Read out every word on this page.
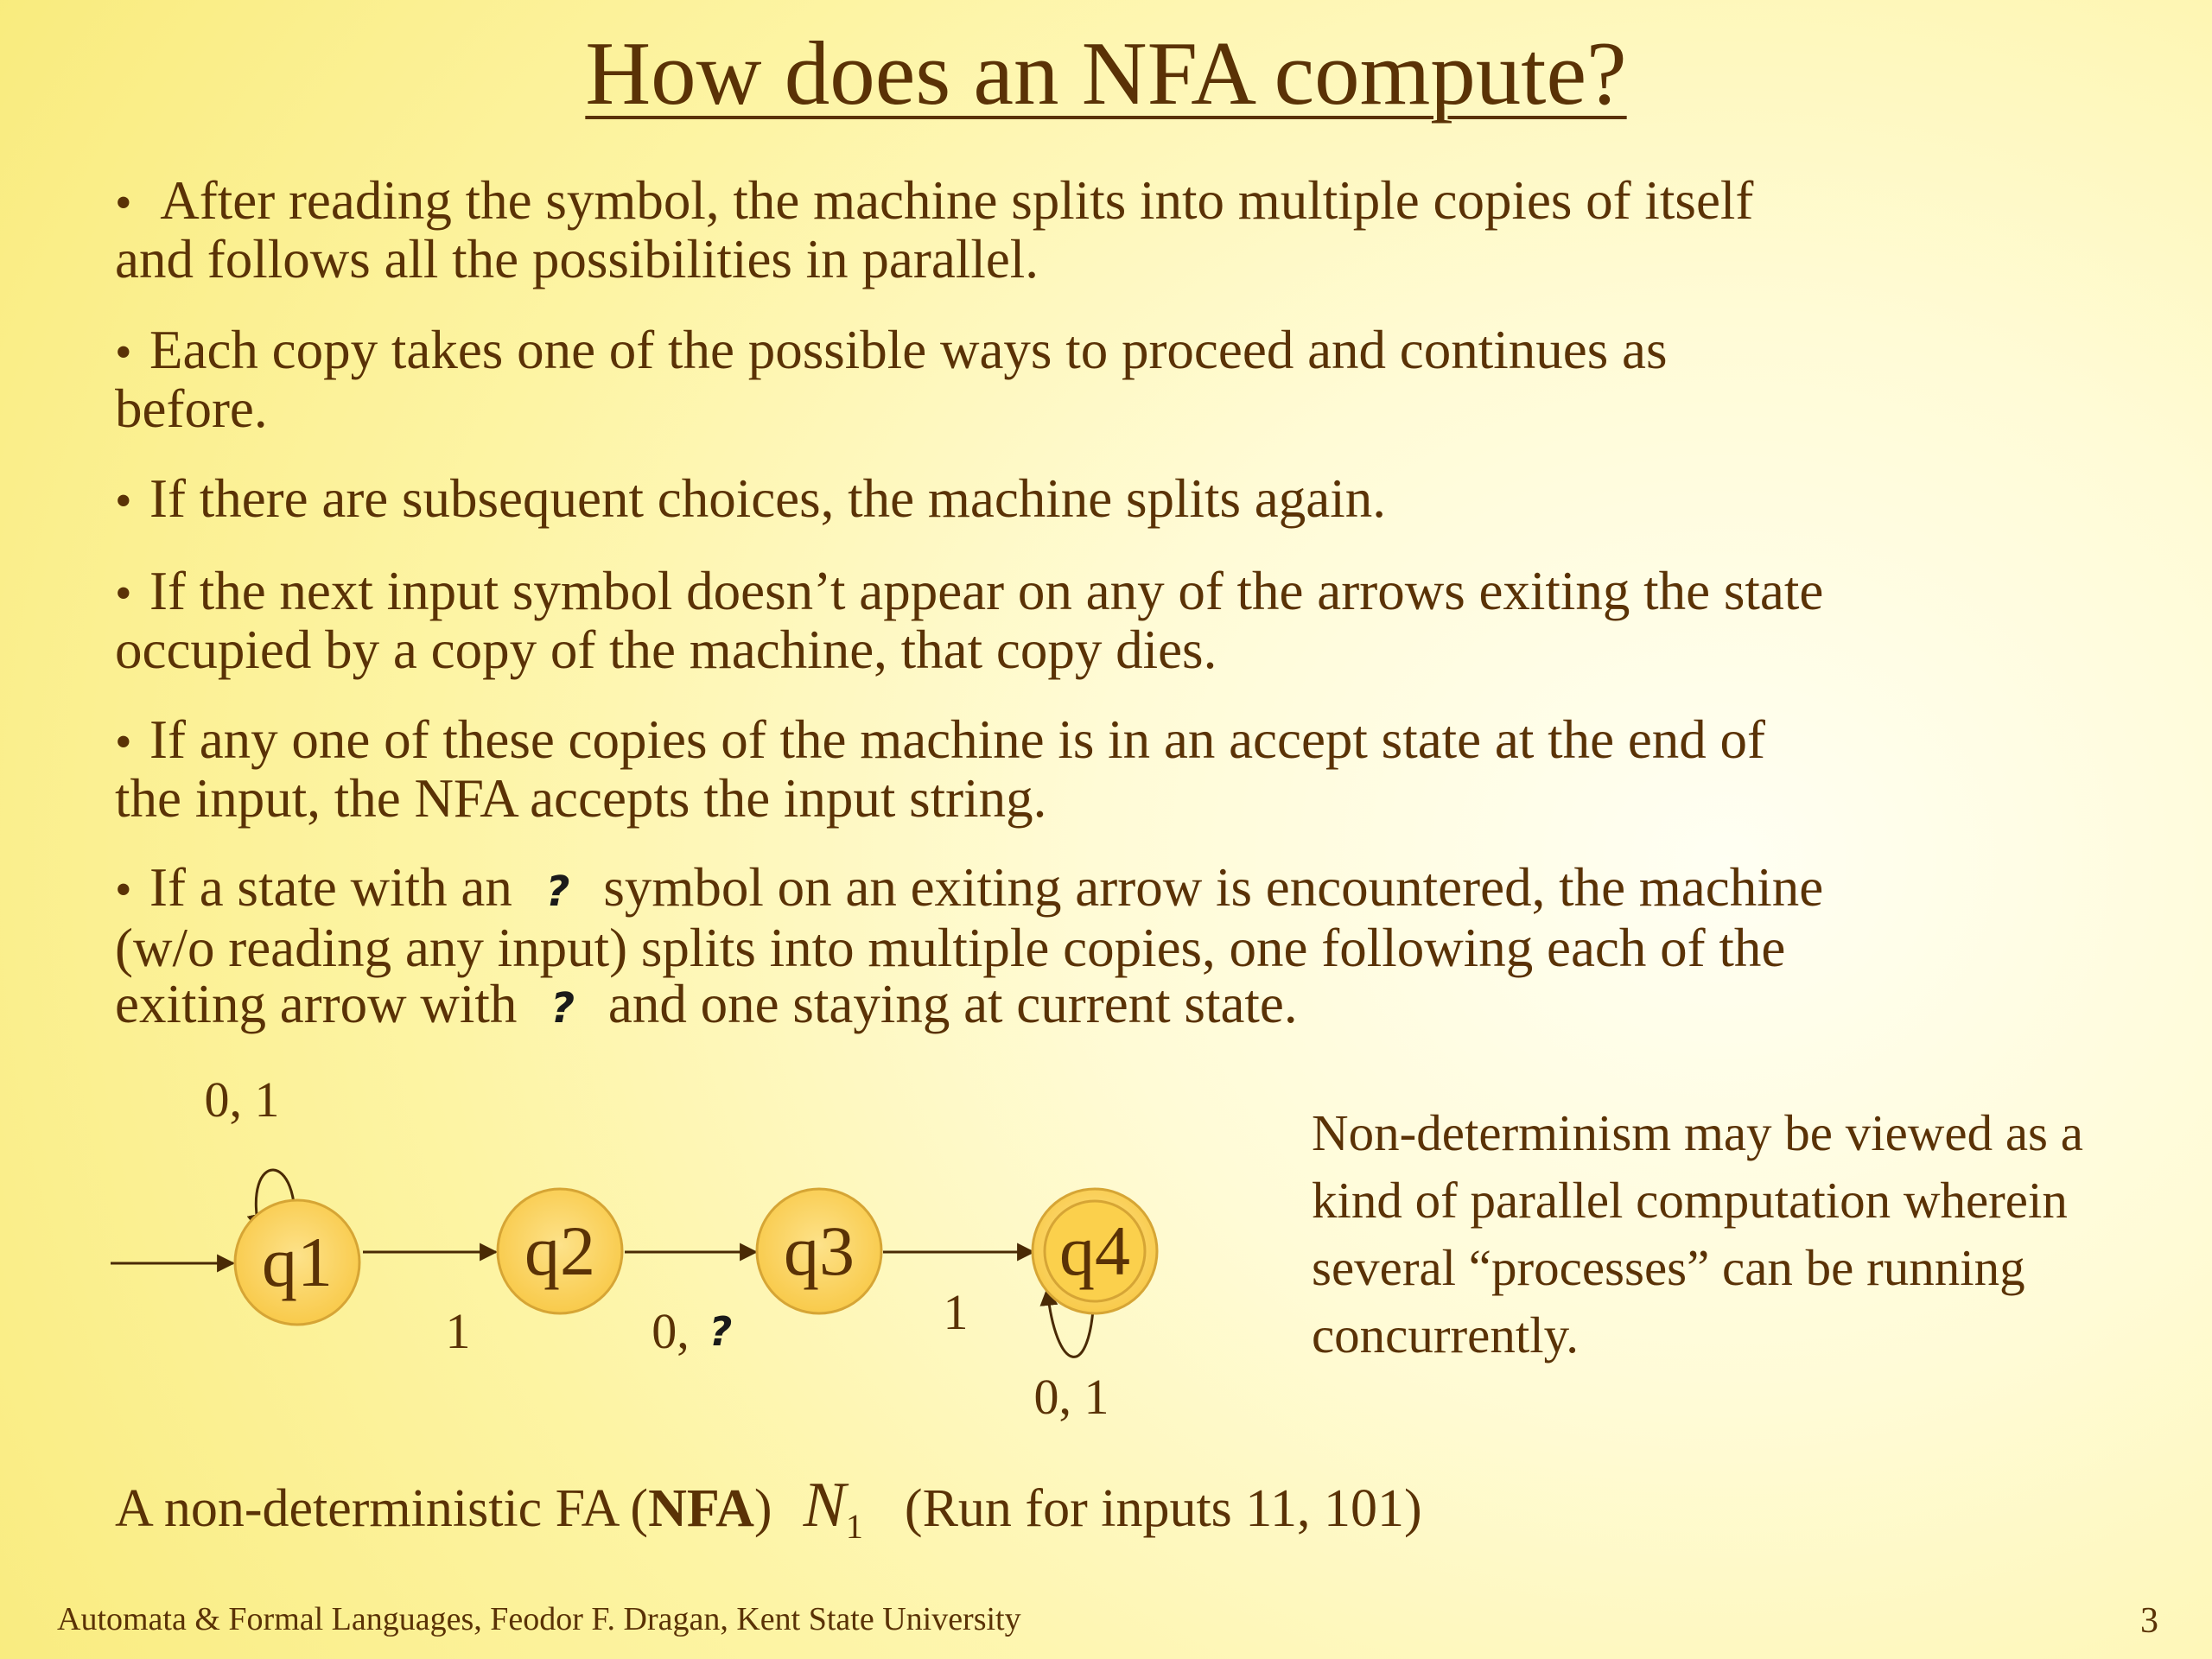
How does an NFA compute?
• After reading the symbol, the machine splits into multiple copies of itself
and follows all the possibilities in parallel.
• Each copy takes one of the possible ways to proceed and continues as
before.
• If there are subsequent choices, the machine splits again.
• If the next input symbol doesn’t appear on any of the arrows exiting the state
occupied by a copy of the machine, that copy dies.
• If any one of these copies of the machine is in an accept state at the end of
the input, the NFA accepts the input string.
• If a state with an ? symbol on an exiting arrow is encountered, the machine
(w/o reading any input) splits into multiple copies, one following each of the
exiting arrow with ? and one staying at current state.
q1	q2	q3	q4
0, 1
1	0, ?	1
0, 1

Non-determinism may be viewed as a kind of parallel computation wherein several “processes” can be running concurrently.

A non-deterministic FA (NFA) $N_1$ (Run for inputs 11, 101)
Automata & Formal Languages, Feodor F. Dragan, Kent State University	3
